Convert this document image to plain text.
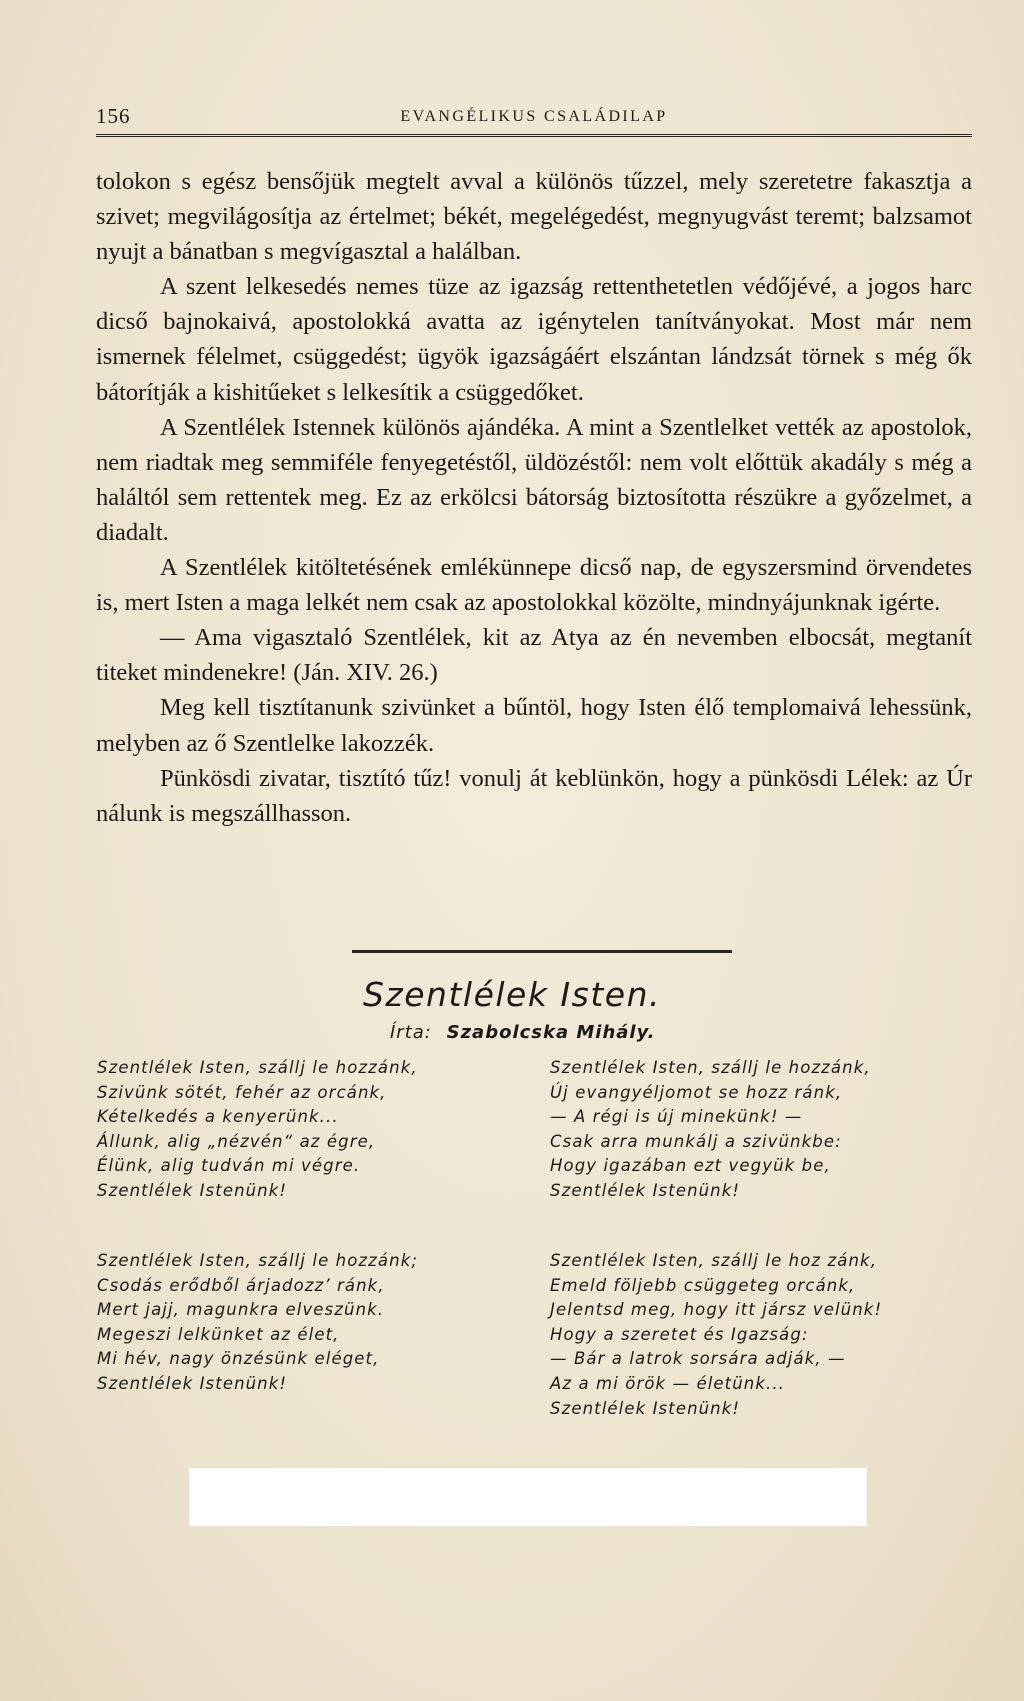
156	EVANGÉLIKUS CSALÁDILAP

tolokon s egész bensőjük megtelt avval a különös tűzzel, mely szeretetre fakasztja a szivet; megvilágosítja az értelmet; békét, megelégedést, megnyugvást teremt; balzsamot nyujt a bánatban s megvígasztal a halálban.

A szent lelkesedés nemes tüze az igazság rettenthetetlen védőjévé, a jogos harc dicső bajnokaivá, apostolokká avatta az igénytelen tanítványokat. Most már nem ismernek félelmet, csüggedést; ügyök igazságáért elszántan lándzsát törnek s még ők bátorítják a kishitűeket s lelkesítik a csüggedőket.

A Szentlélek Istennek különös ajándéka. A mint a Szentlelket vették az apostolok, nem riadtak meg semmiféle fenyegetéstől, üldözéstől: nem volt előttük akadály s még a haláltól sem rettentek meg. Ez az erkölcsi bátorság biztosította részükre a győzelmet, a diadalt.

A Szentlélek kitöltetésének emlékünnepe dicső nap, de egyszersmind örvendetes is, mert Isten a maga lelkét nem csak az apostolokkal közölte, mindnyájunknak igérte.

— Ama vigasztaló Szentlélek, kit az Atya az én nevemben elbocsát, megtanít titeket mindenekre! (Ján. XIV. 26.)

Meg kell tisztítanunk szivünket a bűntöl, hogy Isten élő templomaivá lehessünk, melyben az ő Szentlelke lakozzék.

Pünkösdi zivatar, tisztító tűz! vonulj át keblünkön, hogy a pünkösdi Lélek: az Úr nálunk is megszállhasson.

Szentlélek Isten.
Írta: Szabolcska Mihály.
Szentlélek Isten, szállj le hozzánk,
Szivünk sötét, fehér az orcánk,
Kételkedés a kenyerünk...
Állunk, alig „nézvén“ az égre,
Élünk, alig tudván mi végre.
Szentlélek Istenünk!
Szentlélek Isten, szállj le hozzánk,
Új evangyéljomot se hozz ránk,
— A régi is új minekünk! —
Csak arra munkálj a szivünkbe:
Hogy igazában ezt vegyük be,
Szentlélek Istenünk!
Szentlélek Isten, szállj le hozzánk;
Csodás erődből árjadozz’ ránk,
Mert jajj, magunkra elveszünk.
Megeszi lelkünket az élet,
Mi hév, nagy önzésünk eléget,
Szentlélek Istenünk!
Szentlélek Isten, szállj le hoz zánk,
Emeld följebb csüggeteg orcánk,
Jelentsd meg, hogy itt jársz velünk!
Hogy a szeretet és Igazság:
— Bár a latrok sorsára adják, —
Az a mi örök — életünk...
Szentlélek Istenünk!
